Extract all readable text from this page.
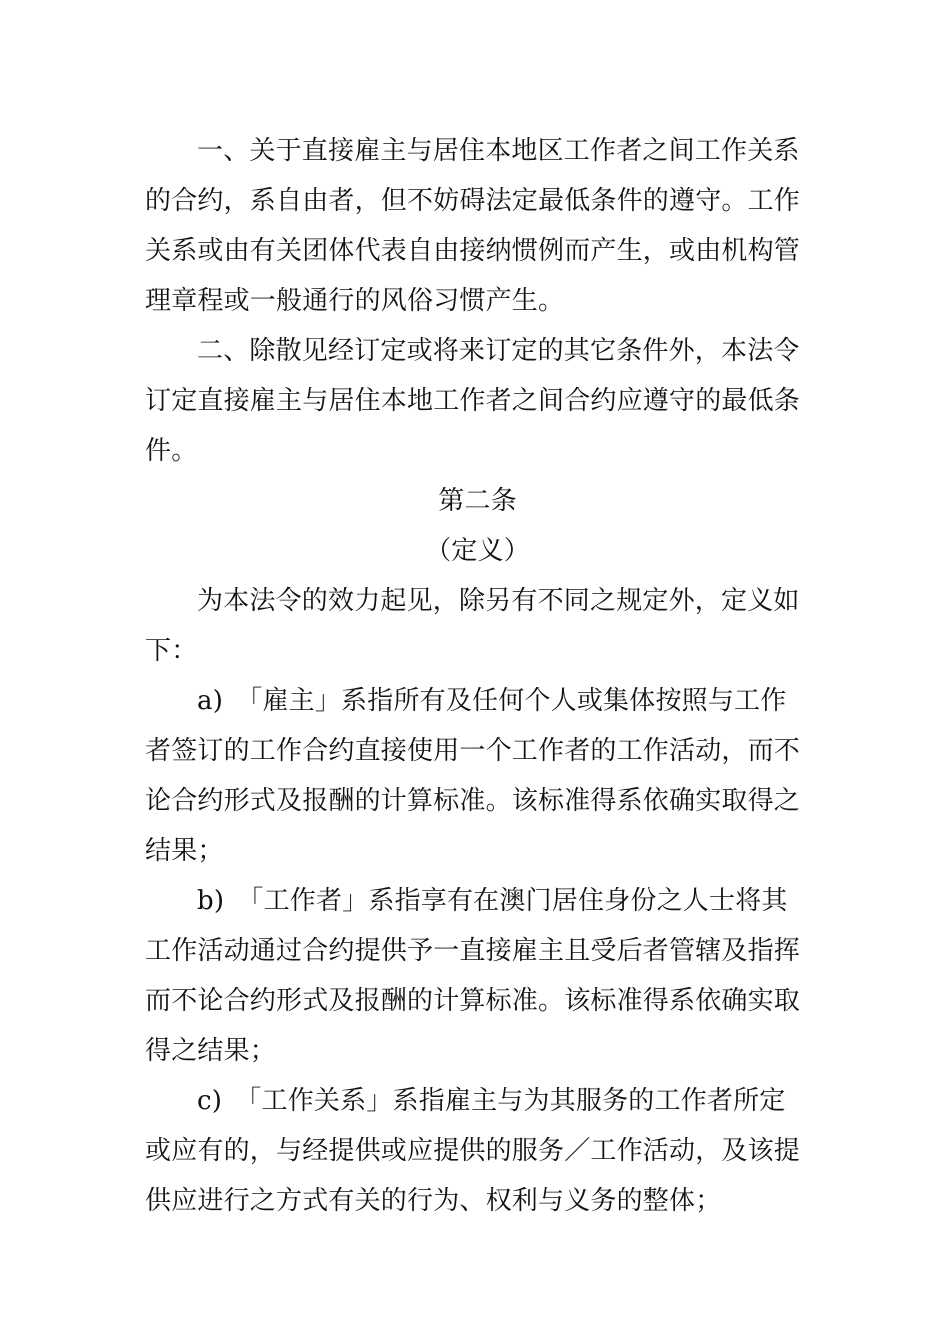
一、关于直接雇主与居住本地区工作者之间工作关系
的合约，系自由者，但不妨碍法定最低条件的遵守。工作
关系或由有关团体代表自由接纳惯例而产生，或由机构管
理章程或一般通行的风俗习惯产生。
二、除散见经订定或将来订定的其它条件外，本法令
订定直接雇主与居住本地工作者之间合约应遵守的最低条
件。
第二条
（定义）
为本法令的效力起见，除另有不同之规定外，定义如
下：
a)　「雇主」系指所有及任何个人或集体按照与工作
者签订的工作合约直接使用一个工作者的工作活动，而不
论合约形式及报酬的计算标准。该标准得系依确实取得之
结果；
b)　「工作者」系指享有在澳门居住身份之人士将其
工作活动通过合约提供予一直接雇主且受后者管辖及指挥
而不论合约形式及报酬的计算标准。该标准得系依确实取
得之结果；
c)　「工作关系」系指雇主与为其服务的工作者所定
或应有的，与经提供或应提供的服务／工作活动，及该提
供应进行之方式有关的行为、权利与义务的整体；
